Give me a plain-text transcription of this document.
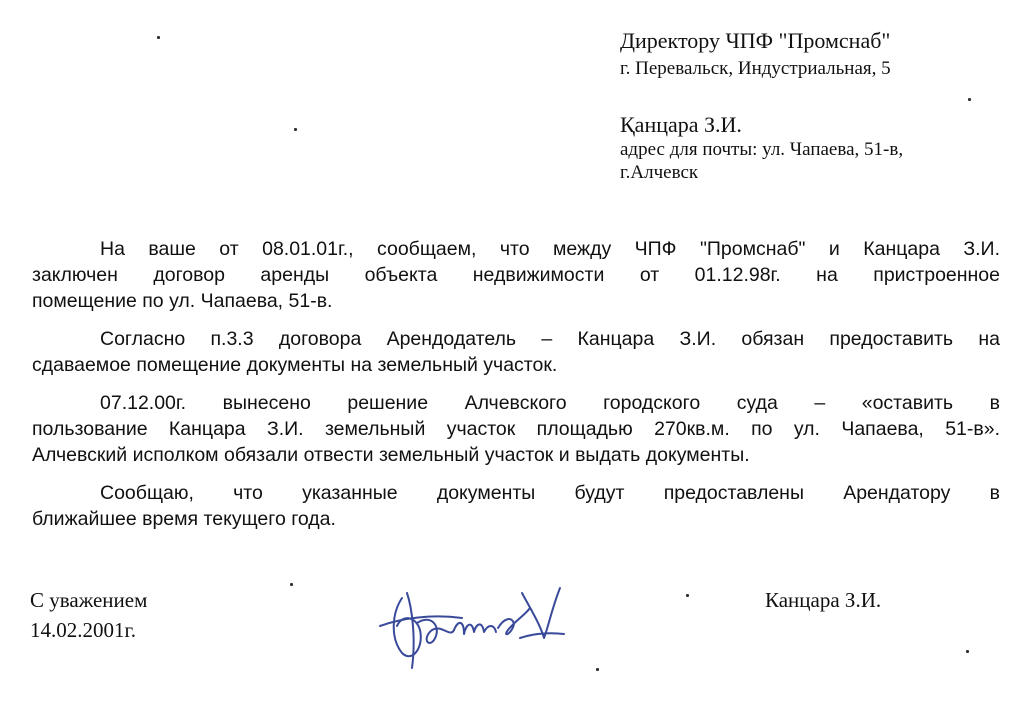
Директору ЧПФ "Промснаб"
г. Перевальск, Индустриальная, 5
Қанцара З.И.
адрес для почты: ул. Чапаева, 51-в,
г.Алчевск
На ваше от 08.01.01г., сообщаем, что между ЧПФ "Промснаб" и Канцара З.И.
заключен договор аренды объекта недвижимости от 01.12.98г. на пристроенное
помещение по ул. Чапаева, 51-в.
Согласно п.3.3 договора Арендодатель – Канцара З.И. обязан предоставить на
сдаваемое помещение документы на земельный участок.
07.12.00г. вынесено решение Алчевского городского суда – «оставить в
пользование Канцара З.И. земельный участок площадью 270кв.м. по ул. Чапаева, 51-в».
Алчевский исполком обязали отвести земельный участок и выдать документы.
Сообщаю, что указанные документы будут предоставлены Арендатору в
ближайшее время текущего года.
С уважением
14.02.2001г.
Канцара З.И.
